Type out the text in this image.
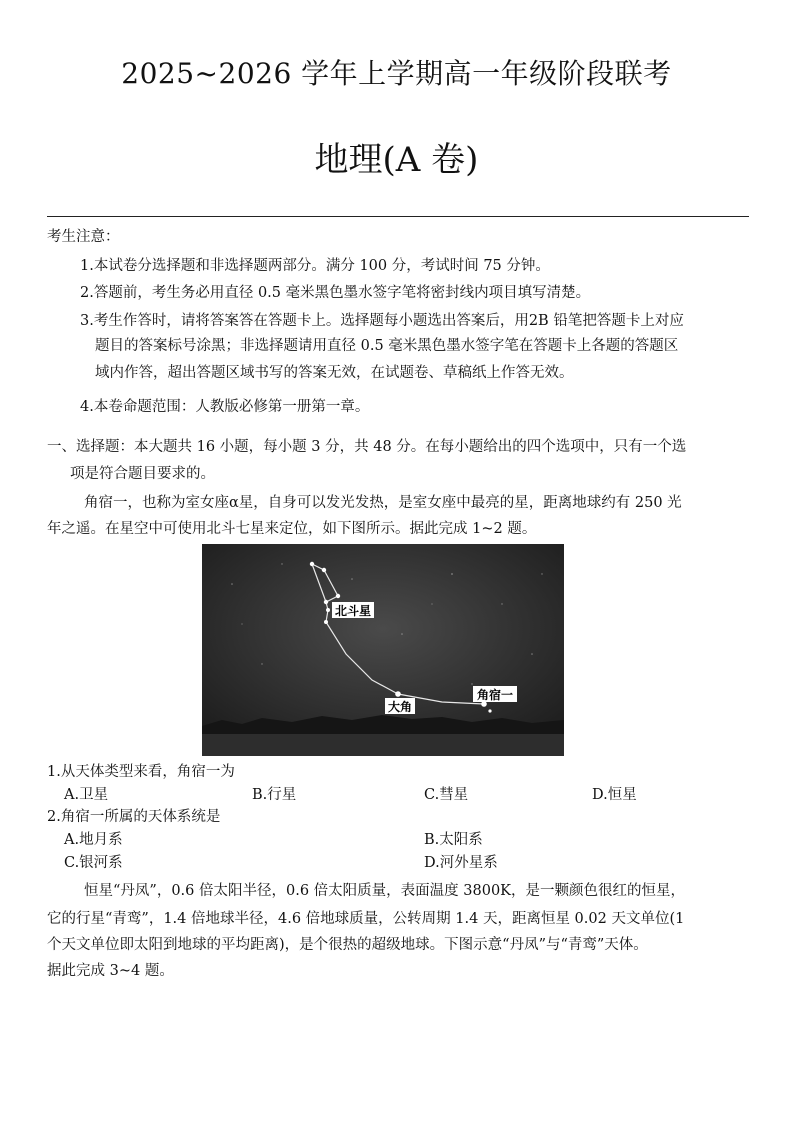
2025~2026 学年上学期高一年级阶段联考
地理(A 卷)
考生注意：
1.本试卷分选择题和非选择题两部分。满分 100 分，考试时间 75 分钟。
2.答题前，考生务必用直径 0.5 毫米黑色墨水签字笔将密封线内项目填写清楚。
3.考生作答时，请将答案答在答题卡上。选择题每小题选出答案后，用2B 铅笔把答题卡上对应
题目的答案标号涂黑；非选择题请用直径 0.5 毫米黑色墨水签字笔在答题卡上各题的答题区
域内作答，超出答题区域书写的答案无效，在试题卷、草稿纸上作答无效。
4.本卷命题范围：人教版必修第一册第一章。
一、选择题：本大题共 16 小题，每小题 3 分，共 48 分。在每小题给出的四个选项中，只有一个选
项是符合题目要求的。
角宿一，也称为室女座α星，自身可以发光发热，是室女座中最亮的星，距离地球约有 250 光
年之遥。在星空中可使用北斗七星来定位，如下图所示。据此完成 1~2 题。
北斗星
大角
角宿一
1.从天体类型来看，角宿一为
A.卫星	B.行星	C.彗星	D.恒星
2.角宿一所属的天体系统是
A.地月系	B.太阳系
C.银河系	D.河外星系
恒星“丹凤”，0.6 倍太阳半径，0.6 倍太阳质量，表面温度 3800K，是一颗颜色很红的恒星，
它的行星“青鸾”，1.4 倍地球半径，4.6 倍地球质量，公转周期 1.4 天，距离恒星 0.02 天文单位(1
个天文单位即太阳到地球的平均距离)，是个很热的超级地球。下图示意“丹凤”与“青鸾”天体。
据此完成 3~4 题。
